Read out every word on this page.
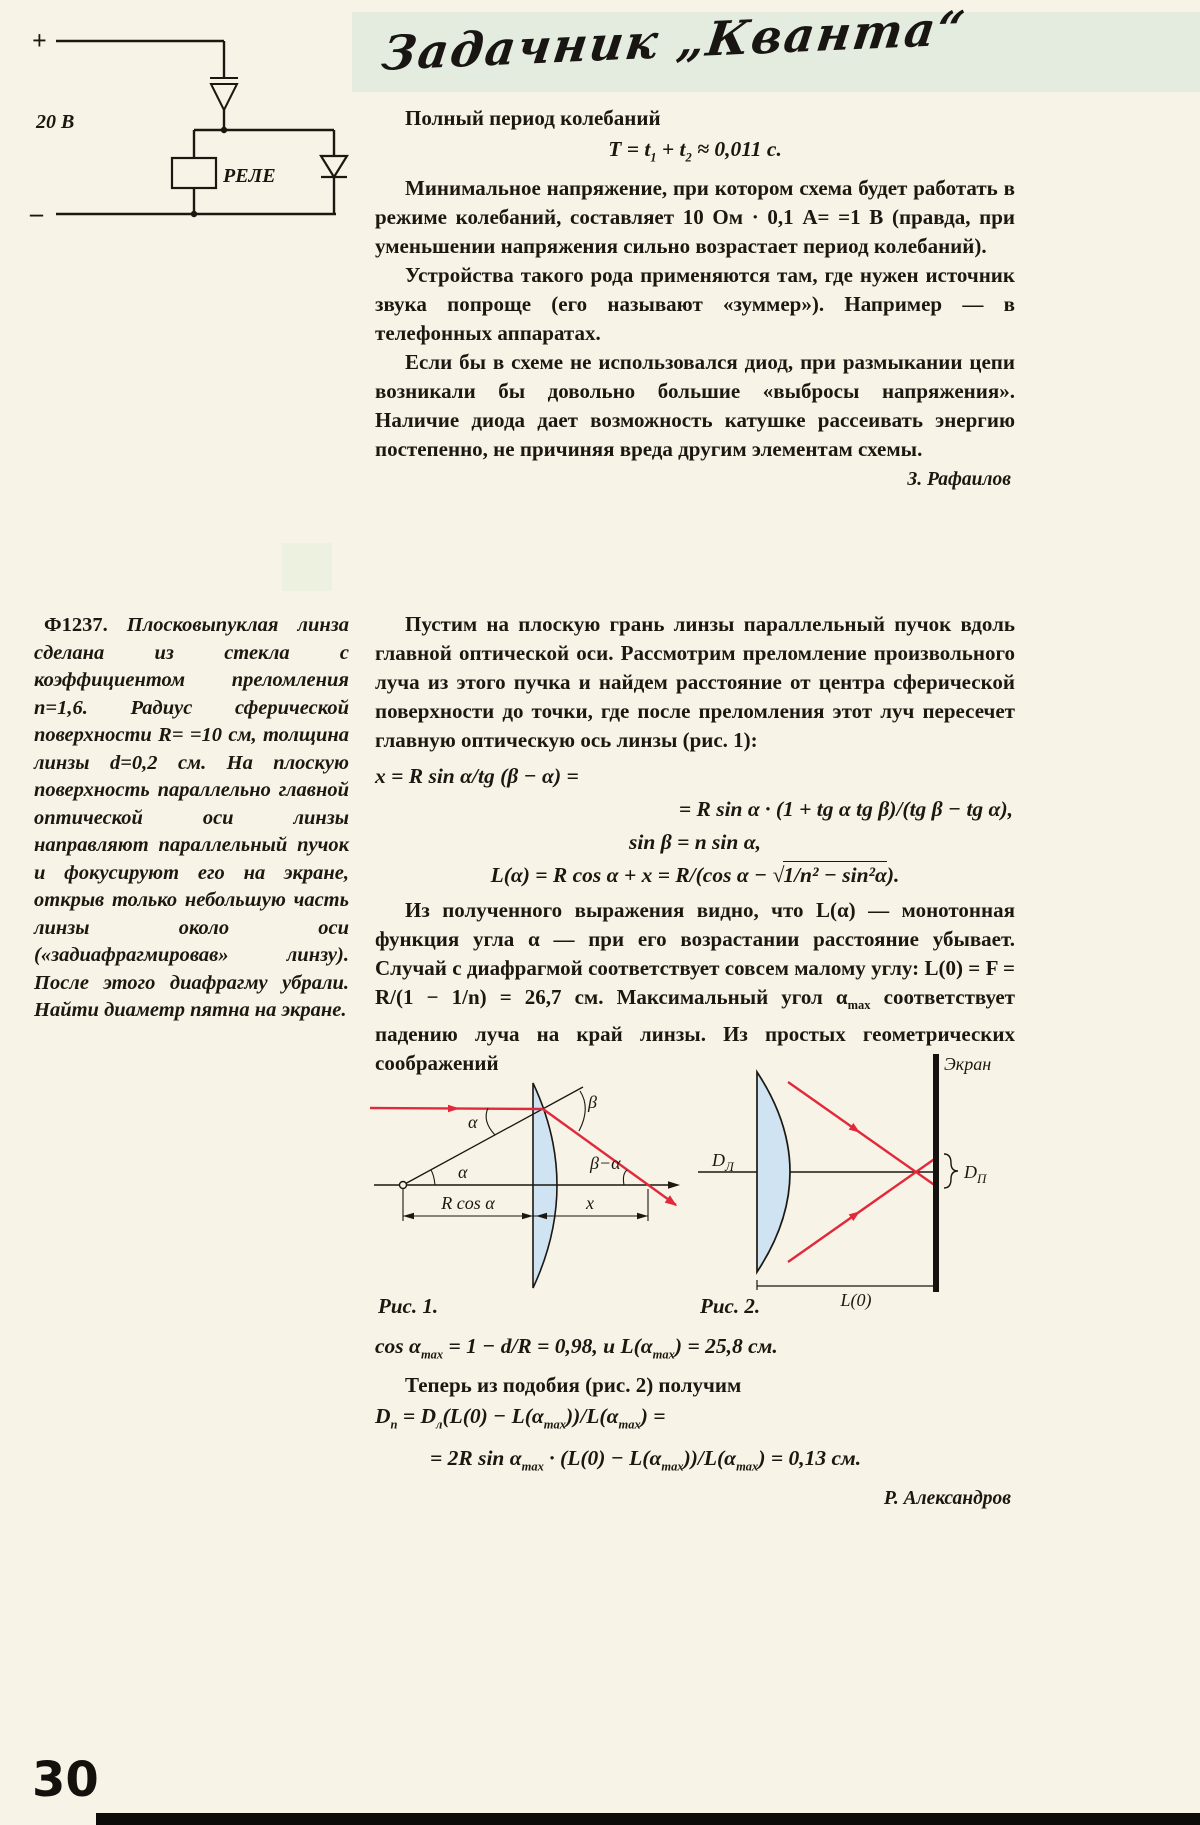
Задачник „Кванта“
+
–
20 В
РЕЛЕ

Полный период колебаний

$T = t_1 + t_2 \approx 0,011$ с.

Минимальное напряжение, при котором схема будет работать в режиме колебаний, составляет 10 Ом · 0,1 А= =1 В (правда, при уменьшении напряжения сильно возрастает период колебаний).

Устройства такого рода применяются там, где нужен источник звука попроще (его называют «зуммер»). Например — в телефонных аппаратах.

Если бы в схеме не использовался диод, при размыкании цепи возникали бы довольно большие «выбросы напряжения». Наличие диода дает возможность катушке рассеивать энергию постепенно, не причиняя вреда другим элементам схемы.

З. Рафаилов
Ф1237. Плосковыпуклая линза сделана из стекла с коэффициентом преломления n=1,6. Радиус сферической поверхности R= =10 см, толщина линзы d=0,2 см. На плоскую поверхность параллельно главной оптической оси линзы направляют параллельный пучок и фокусируют его на экране, открыв только небольшую часть линзы около оси («задиафрагмировав» линзу). После этого диафрагму убрали. Найти диаметр пятна на экране.

Пустим на плоскую грань линзы параллельный пучок вдоль главной оптической оси. Рассмотрим преломление произвольного луча из этого пучка и найдем расстояние от центра сферической поверхности до точки, где после преломления этот луч пересечет главную оптическую ось линзы (рис. 1):

x = R sin α/tg (β − α) =
= R sin α · (1 + tg α tg β)/(tg β − tg α),
sin β = n sin α,
L(α) = R cos α + x = R/(cos α − √1/n² − sin²α).

Из полученного выражения видно, что L(α) — монотонная функция угла α — при его возрастании расстояние убывает. Случай с диафрагмой соответствует совсем малому углу: L(0) = F = R/(1 − 1/n) = 26,7 см. Максимальный угол $\alpha_{max}$ соответствует падению луча на край линзы. Из простых геометрических соображений

α
α
β
β−α
R cos α	x
Экран
$D_Л$	$D_П$
L(0)
Рис. 1.	Рис. 2.
$\cos \alpha_{max} = 1 - d/R = 0,98$, и $L(\alpha_{max}) = 25,8$ см.

Теперь из подобия (рис. 2) получим

$D_п = D_л(L(0) - L(\alpha_{max}))/L(\alpha_{max})$ =
= 2R $\sin \alpha_{max} \cdot (L(0) - L(\alpha_{max}))/L(\alpha_{max}) = 0,13$ см.
Р. Александров
30
